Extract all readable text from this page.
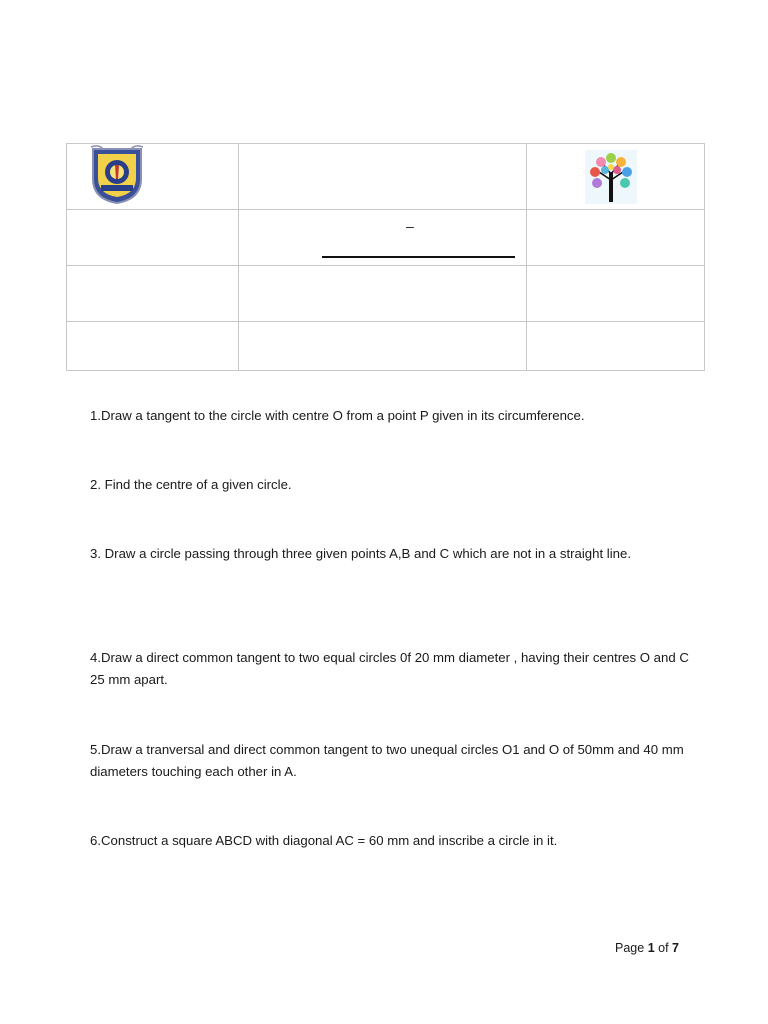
	–	

1.Draw a tangent to the circle with centre O from a point P given in its circumference.
2. Find the centre of a given circle.
3. Draw a circle passing through three given points A,B and C which are not in a straight line.
4.Draw a direct common tangent to two equal circles 0f 20 mm diameter , having their centres O and C 25 mm apart.
5.Draw a tranversal and direct common tangent to two unequal circles O1 and O of 50mm and 40 mm diameters touching each other in A.
6.Construct a square ABCD with diagonal AC = 60 mm and inscribe a circle in it.
Page 1 of 7
